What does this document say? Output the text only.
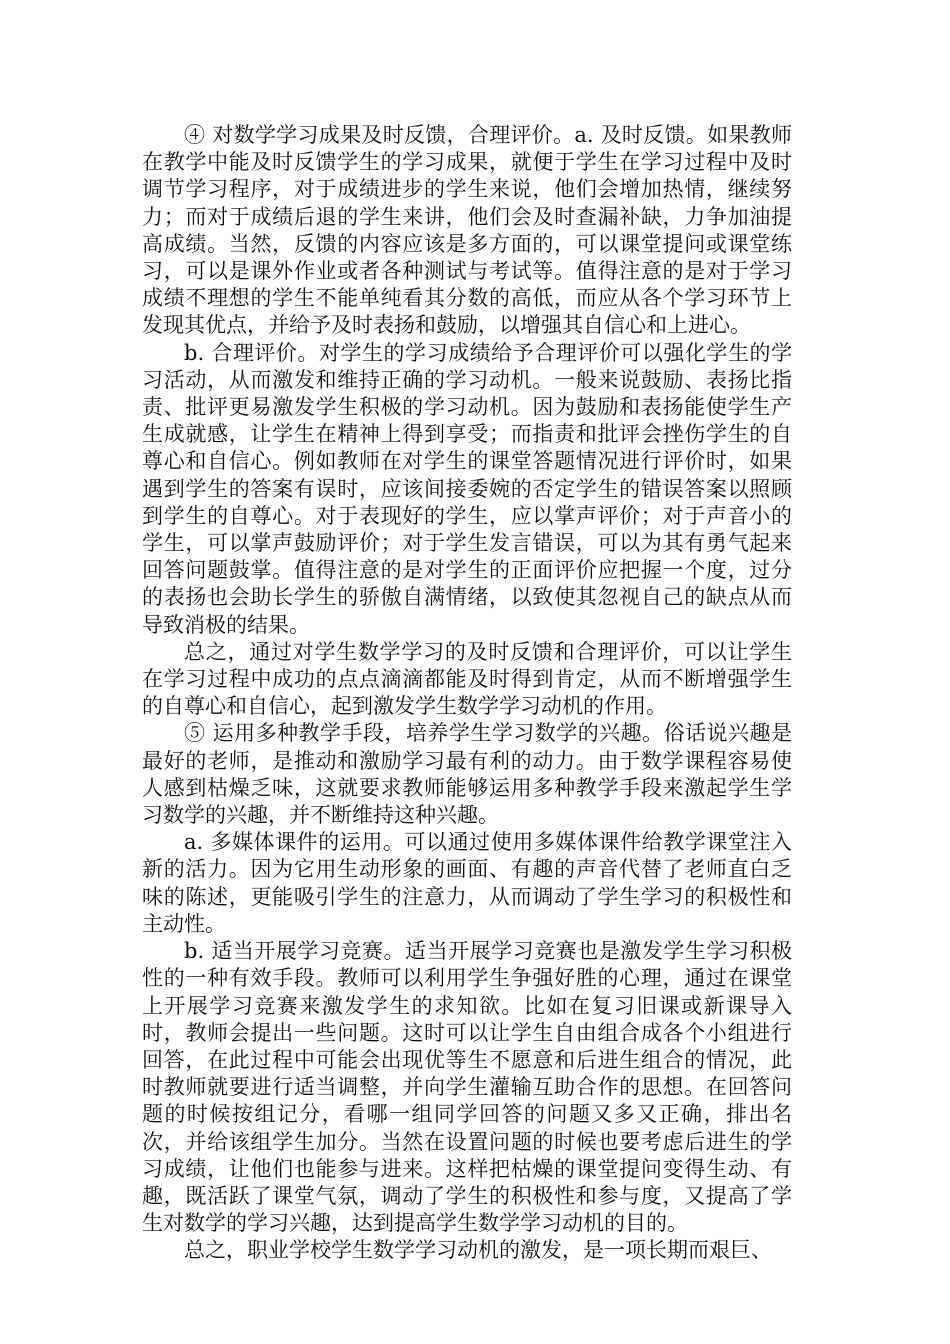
④ 对数学学习成果及时反馈，合理评价。a. 及时反馈。如果教师在教学中能及时反馈学生的学习成果，就便于学生在学习过程中及时调节学习程序，对于成绩进步的学生来说，他们会增加热情，继续努力；而对于成绩后退的学生来讲，他们会及时查漏补缺，力争加油提高成绩。当然，反馈的内容应该是多方面的，可以课堂提问或课堂练习，可以是课外作业或者各种测试与考试等。值得注意的是对于学习成绩不理想的学生不能单纯看其分数的高低，而应从各个学习环节上发现其优点，并给予及时表扬和鼓励，以增强其自信心和上进心。

b. 合理评价。对学生的学习成绩给予合理评价可以强化学生的学习活动，从而激发和维持正确的学习动机。一般来说鼓励、表扬比指责、批评更易激发学生积极的学习动机。因为鼓励和表扬能使学生产生成就感，让学生在精神上得到享受；而指责和批评会挫伤学生的自尊心和自信心。例如教师在对学生的课堂答题情况进行评价时，如果遇到学生的答案有误时，应该间接委婉的否定学生的错误答案以照顾到学生的自尊心。对于表现好的学生，应以掌声评价；对于声音小的学生，可以掌声鼓励评价；对于学生发言错误，可以为其有勇气起来回答问题鼓掌。值得注意的是对学生的正面评价应把握一个度，过分的表扬也会助长学生的骄傲自满情绪，以致使其忽视自己的缺点从而导致消极的结果。

总之，通过对学生数学学习的及时反馈和合理评价，可以让学生在学习过程中成功的点点滴滴都能及时得到肯定，从而不断增强学生的自尊心和自信心，起到激发学生数学学习动机的作用。

⑤ 运用多种教学手段，培养学生学习数学的兴趣。俗话说兴趣是最好的老师，是推动和激励学习最有利的动力。由于数学课程容易使人感到枯燥乏味，这就要求教师能够运用多种教学手段来激起学生学习数学的兴趣，并不断维持这种兴趣。

a. 多媒体课件的运用。可以通过使用多媒体课件给教学课堂注入新的活力。因为它用生动形象的画面、有趣的声音代替了老师直白乏味的陈述，更能吸引学生的注意力，从而调动了学生学习的积极性和主动性。

b. 适当开展学习竞赛。适当开展学习竞赛也是激发学生学习积极性的一种有效手段。教师可以利用学生争强好胜的心理，通过在课堂上开展学习竞赛来激发学生的求知欲。比如在复习旧课或新课导入时，教师会提出一些问题。这时可以让学生自由组合成各个小组进行回答，在此过程中可能会出现优等生不愿意和后进生组合的情况，此时教师就要进行适当调整，并向学生灌输互助合作的思想。在回答问题的时候按组记分，看哪一组同学回答的问题又多又正确，排出名次，并给该组学生加分。当然在设置问题的时候也要考虑后进生的学习成绩，让他们也能参与进来。这样把枯燥的课堂提问变得生动、有趣，既活跃了课堂气氛，调动了学生的积极性和参与度，又提高了学生对数学的学习兴趣，达到提高学生数学学习动机的目的。

总之，职业学校学生数学学习动机的激发，是一项长期而艰巨、
